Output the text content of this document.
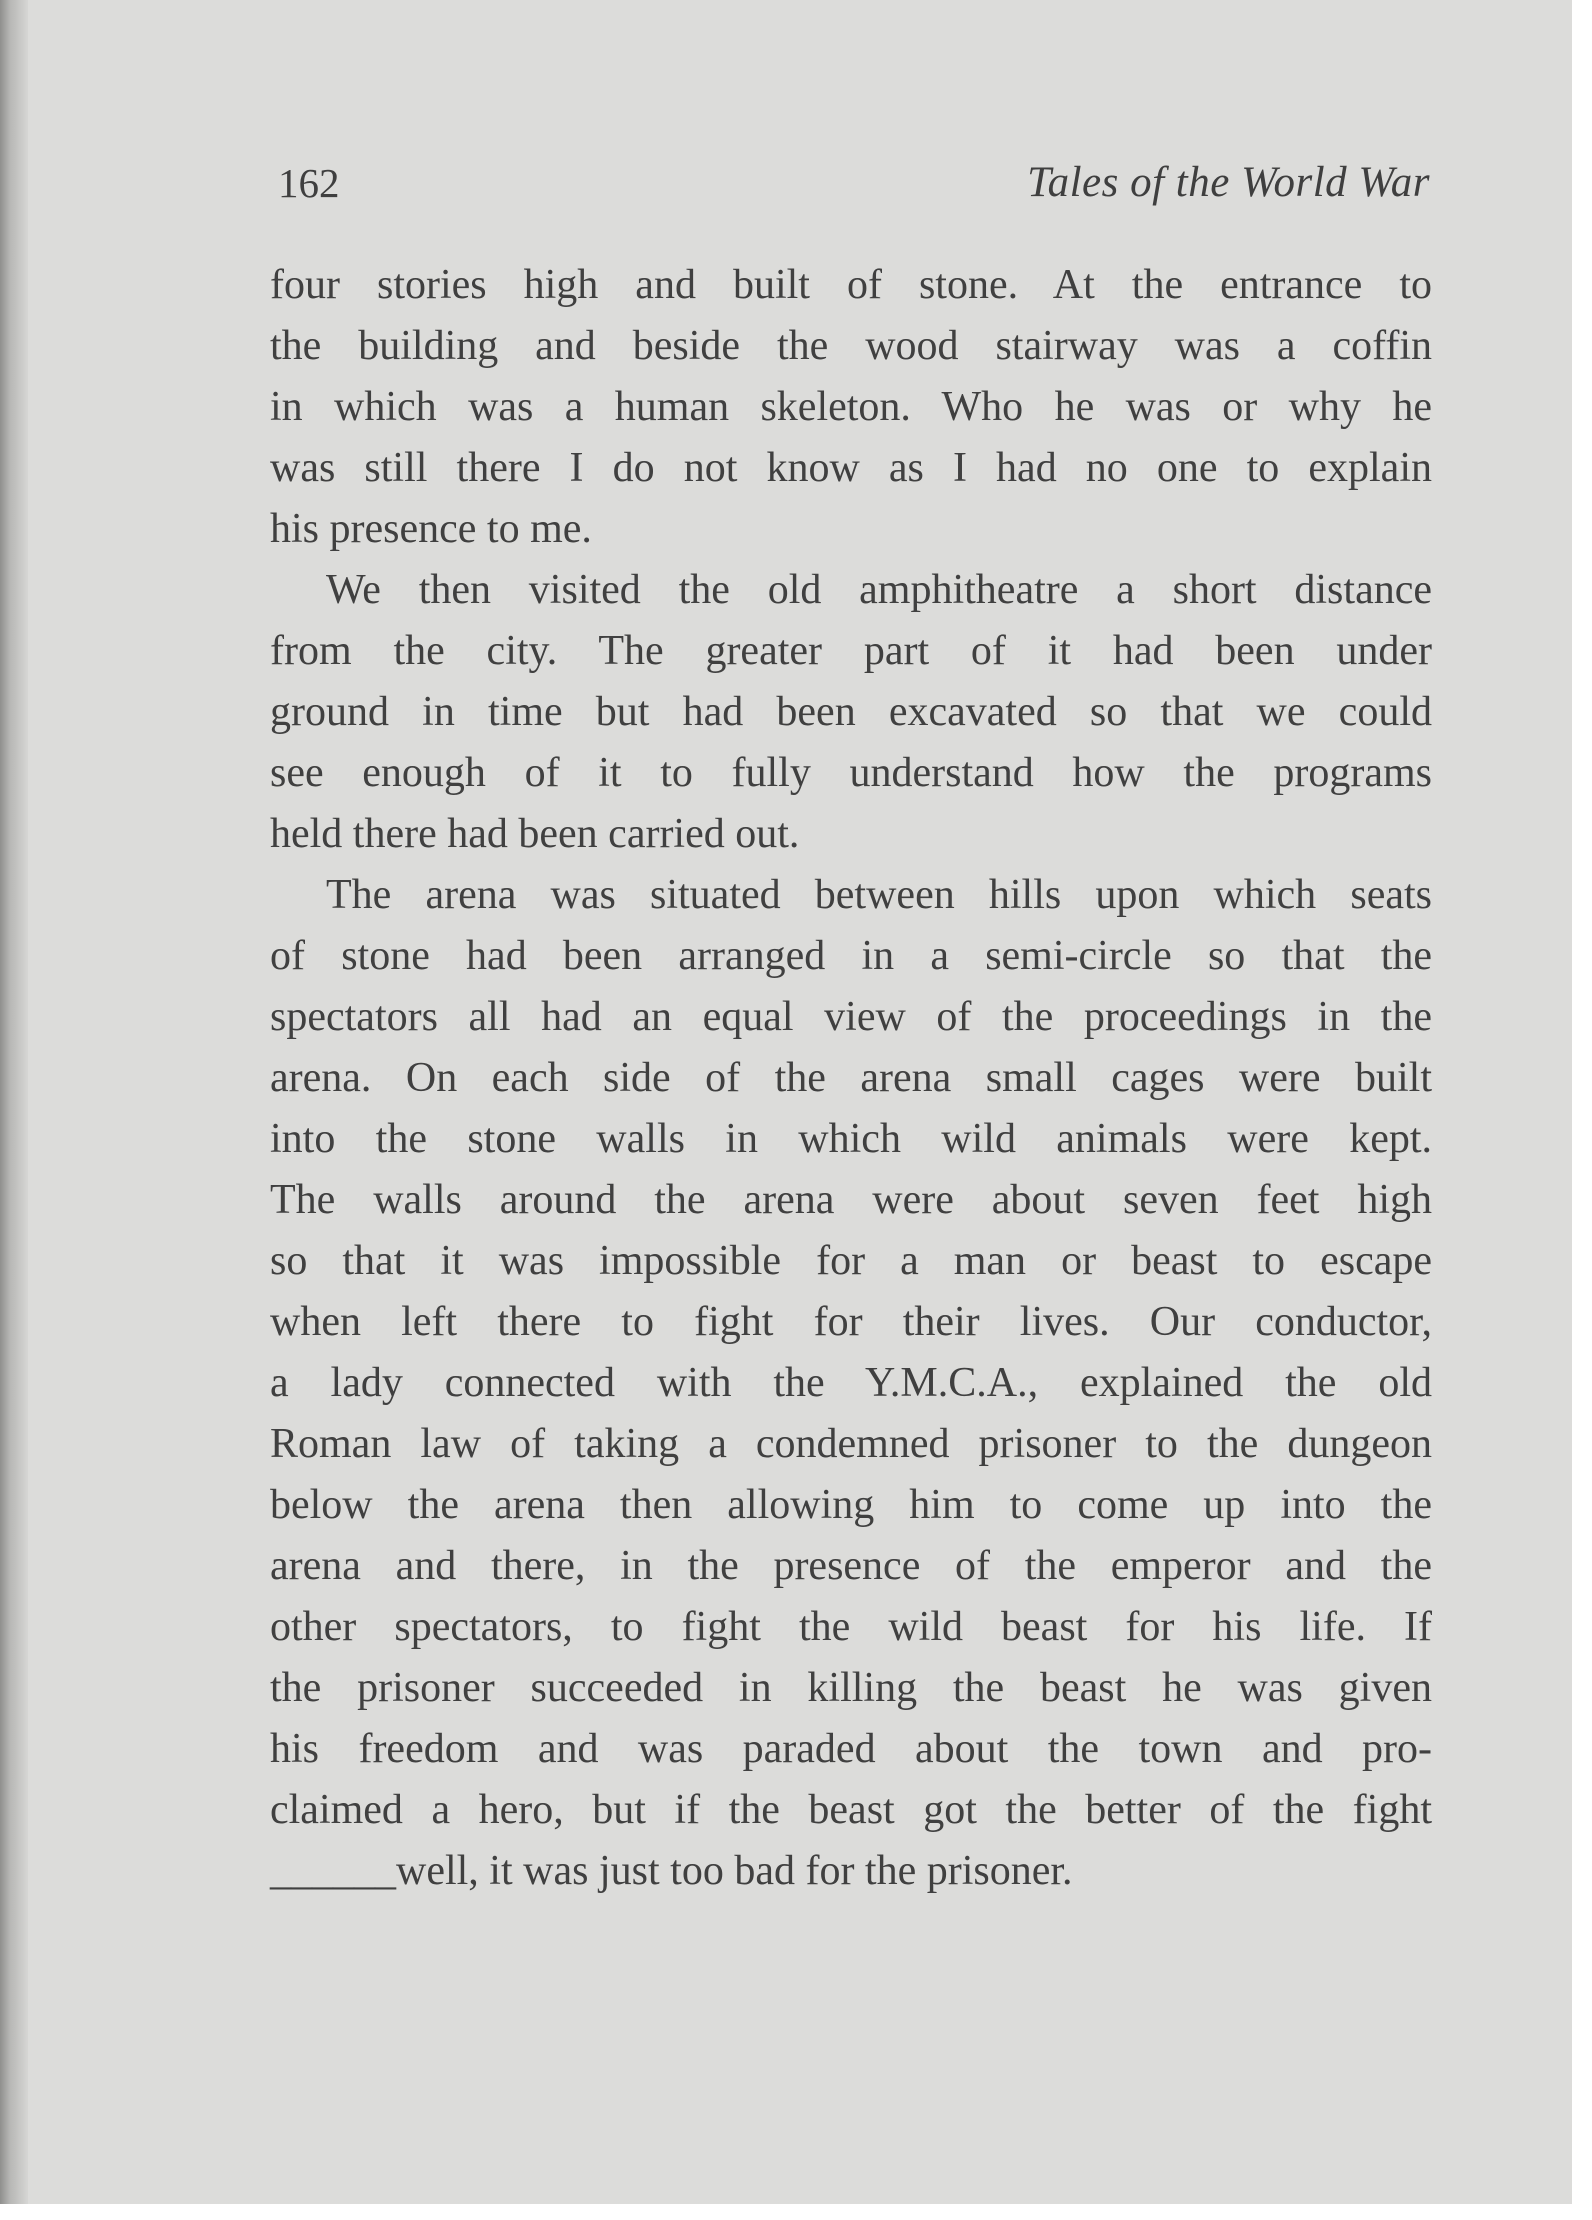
162	Tales of the World War
four stories high and built of stone. At the entrance to
the building and beside the wood stairway was a coffin
in which was a human skeleton. Who he was or why he
was still there I do not know as I had no one to explain
his presence to me.
We then visited the old amphitheatre a short distance
from the city. The greater part of it had been under
ground in time but had been excavated so that we could
see enough of it to fully understand how the programs
held there had been carried out.
The arena was situated between hills upon which seats
of stone had been arranged in a semi-circle so that the
spectators all had an equal view of the proceedings in the
arena. On each side of the arena small cages were built
into the stone walls in which wild animals were kept.
The walls around the arena were about seven feet high
so that it was impossible for a man or beast to escape
when left there to fight for their lives. Our conductor,
a lady connected with the Y.M.C.A., explained the old
Roman law of taking a condemned prisoner to the dungeon
below the arena then allowing him to come up into the
arena and there, in the presence of the emperor and the
other spectators, to fight the wild beast for his life. If
the prisoner succeeded in killing the beast he was given
his freedom and was paraded about the town and pro-
claimed a hero, but if the beast got the better of the fight
______well, it was just too bad for the prisoner.
